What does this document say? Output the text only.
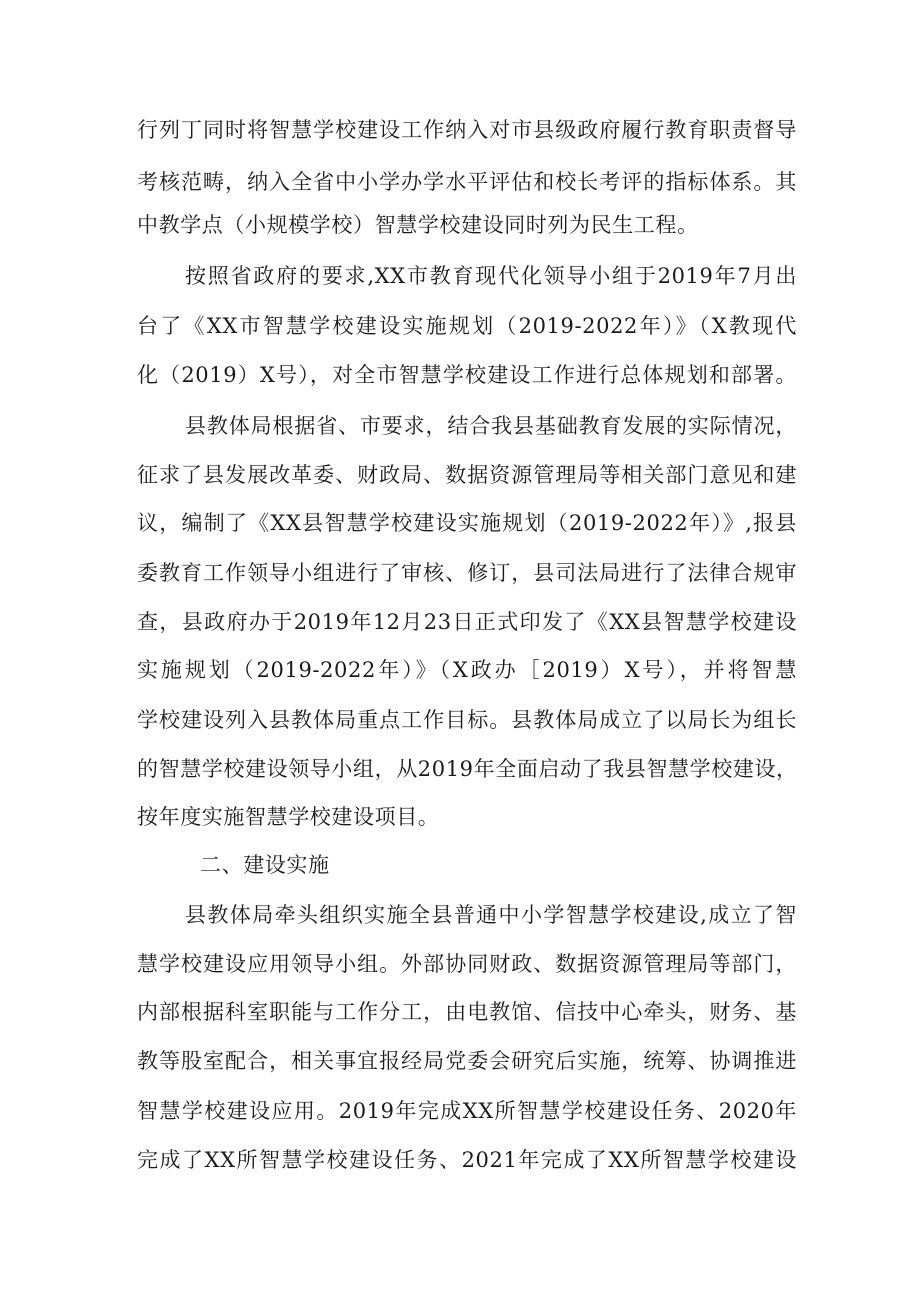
行列丁同时将智慧学校建设工作纳入对市县级政府履行教育职责督导
考核范畴，纳入全省中小学办学水平评估和校长考评的指标体系。其
中教学点（小规模学校）智慧学校建设同时列为民生工程。
按照省政府的要求,XX市教育现代化领导小组于2019年7月出
台了《XX市智慧学校建设实施规划（2019-2022年）》（X教现代
化（2019）X号），对全市智慧学校建设工作进行总体规划和部署。
县教体局根据省、市要求，结合我县基础教育发展的实际情况，
征求了县发展改革委、财政局、数据资源管理局等相关部门意见和建
议，编制了《XX县智慧学校建设实施规划（2019-2022年）》,报县
委教育工作领导小组进行了审核、修订，县司法局进行了法律合规审
查，县政府办于2019年12月23日正式印发了《XX县智慧学校建设
实施规划（2019-2022年）》（X政办［2019）X号），并将智慧
学校建设列入县教体局重点工作目标。县教体局成立了以局长为组长
的智慧学校建设领导小组，从2019年全面启动了我县智慧学校建设，
按年度实施智慧学校建设项目。
二、建设实施
县教体局牵头组织实施全县普通中小学智慧学校建设,成立了智
慧学校建设应用领导小组。外部协同财政、数据资源管理局等部门，
内部根据科室职能与工作分工，由电教馆、信技中心牵头，财务、基
教等股室配合，相关事宜报经局党委会研究后实施，统筹、协调推进
智慧学校建设应用。2019年完成XX所智慧学校建设任务、2020年
完成了XX所智慧学校建设任务、2021年完成了XX所智慧学校建设
